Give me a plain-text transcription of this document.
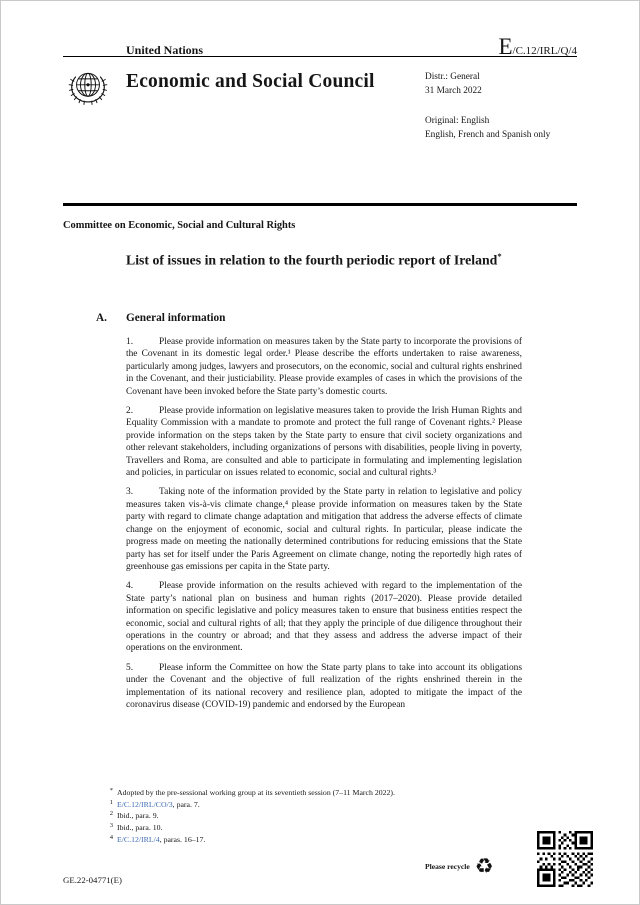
United Nations	E/C.12/IRL/Q/4
Economic and Social Council	Distr.: General
31 March 2022
Original: English
English, French and Spanish only
Committee on Economic, Social and Cultural Rights
List of issues in relation to the fourth periodic report of Ireland*
A.	General information

1.	Please provide information on measures taken by the State party to incorporate the provisions of the Covenant in its domestic legal order.¹ Please describe the efforts undertaken to raise awareness, particularly among judges, lawyers and prosecutors, on the economic, social and cultural rights enshrined in the Covenant, and their justiciability. Please provide examples of cases in which the provisions of the Covenant have been invoked before the State party’s domestic courts.

2.	Please provide information on legislative measures taken to provide the Irish Human Rights and Equality Commission with a mandate to promote and protect the full range of Covenant rights.² Please provide information on the steps taken by the State party to ensure that civil society organizations and other relevant stakeholders, including organizations of persons with disabilities, people living in poverty, Travellers and Roma, are consulted and able to participate in formulating and implementing legislation and policies, in particular on issues related to economic, social and cultural rights.³

3.	Taking note of the information provided by the State party in relation to legislative and policy measures taken vis-à-vis climate change,⁴ please provide information on measures taken by the State party with regard to climate change adaptation and mitigation that address the adverse effects of climate change on the enjoyment of economic, social and cultural rights. In particular, please indicate the progress made on meeting the nationally determined contributions for reducing emissions that the State party has set for itself under the Paris Agreement on climate change, noting the reportedly high rates of greenhouse gas emissions per capita in the State party.

4.	Please provide information on the results achieved with regard to the implementation of the State party’s national plan on business and human rights (2017–2020). Please provide detailed information on specific legislative and policy measures taken to ensure that business entities respect the economic, social and cultural rights of all; that they apply the principle of due diligence throughout their operations in the country or abroad; and that they assess and address the adverse impact of their operations on the environment.

5.	Please inform the Committee on how the State party plans to take into account its obligations under the Covenant and the objective of full realization of the rights enshrined therein in the implementation of its national recovery and resilience plan, adopted to mitigate the impact of the coronavirus disease (COVID-19) pandemic and endorsed by the European

* Adopted by the pre-sessional working group at its seventieth session (7–11 March 2022).
1 E/C.12/IRL/CO/3, para. 7.
2 Ibid., para. 9.
3 Ibid., para. 10.
4 E/C.12/IRL/4, paras. 16–17.
GE.22-04771(E)
Please recycle ♻
